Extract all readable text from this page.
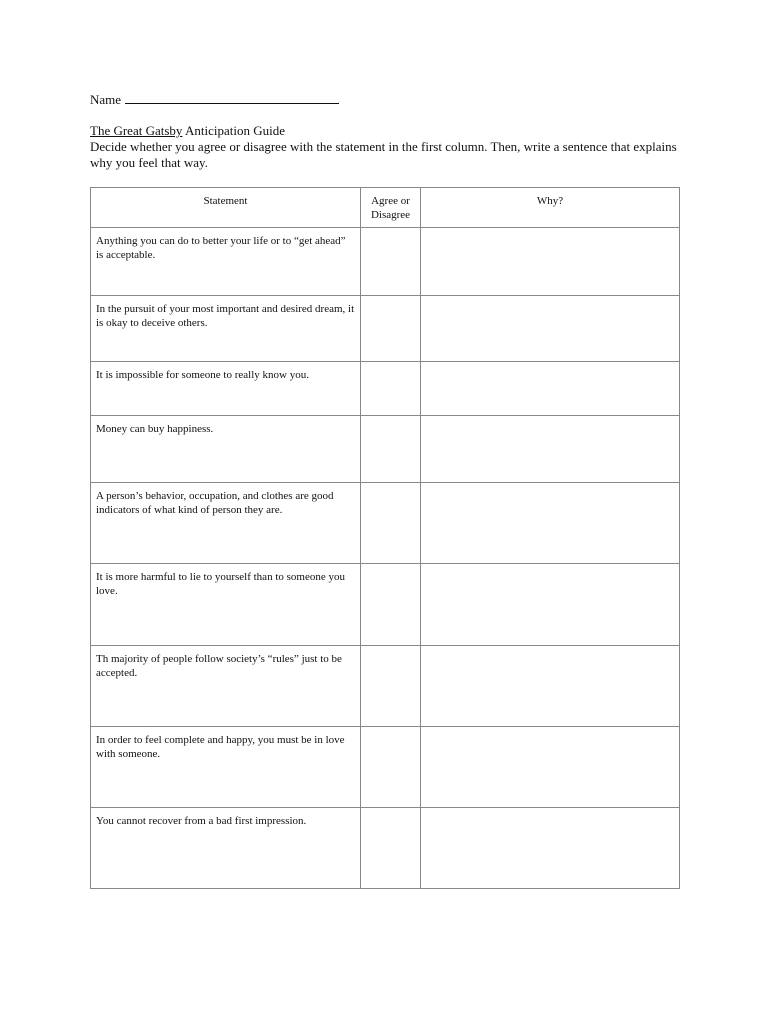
Name
The Great Gatsby Anticipation Guide
Decide whether you agree or disagree with the statement in the first column. Then, write a sentence that explains why you feel that way.
Statement	Agree or Disagree	Why?
Anything you can do to better your life or to “get ahead” is acceptable.		
In the pursuit of your most important and desired dream, it is okay to deceive others.		
It is impossible for someone to really know you.		
Money can buy happiness.		
A person’s behavior, occupation, and clothes are good indicators of what kind of person they are.		
It is more harmful to lie to yourself than to someone you love.		
Th majority of people follow society’s “rules” just to be accepted.		
In order to feel complete and happy, you must be in love with someone.		
You cannot recover from a bad first impression.		
